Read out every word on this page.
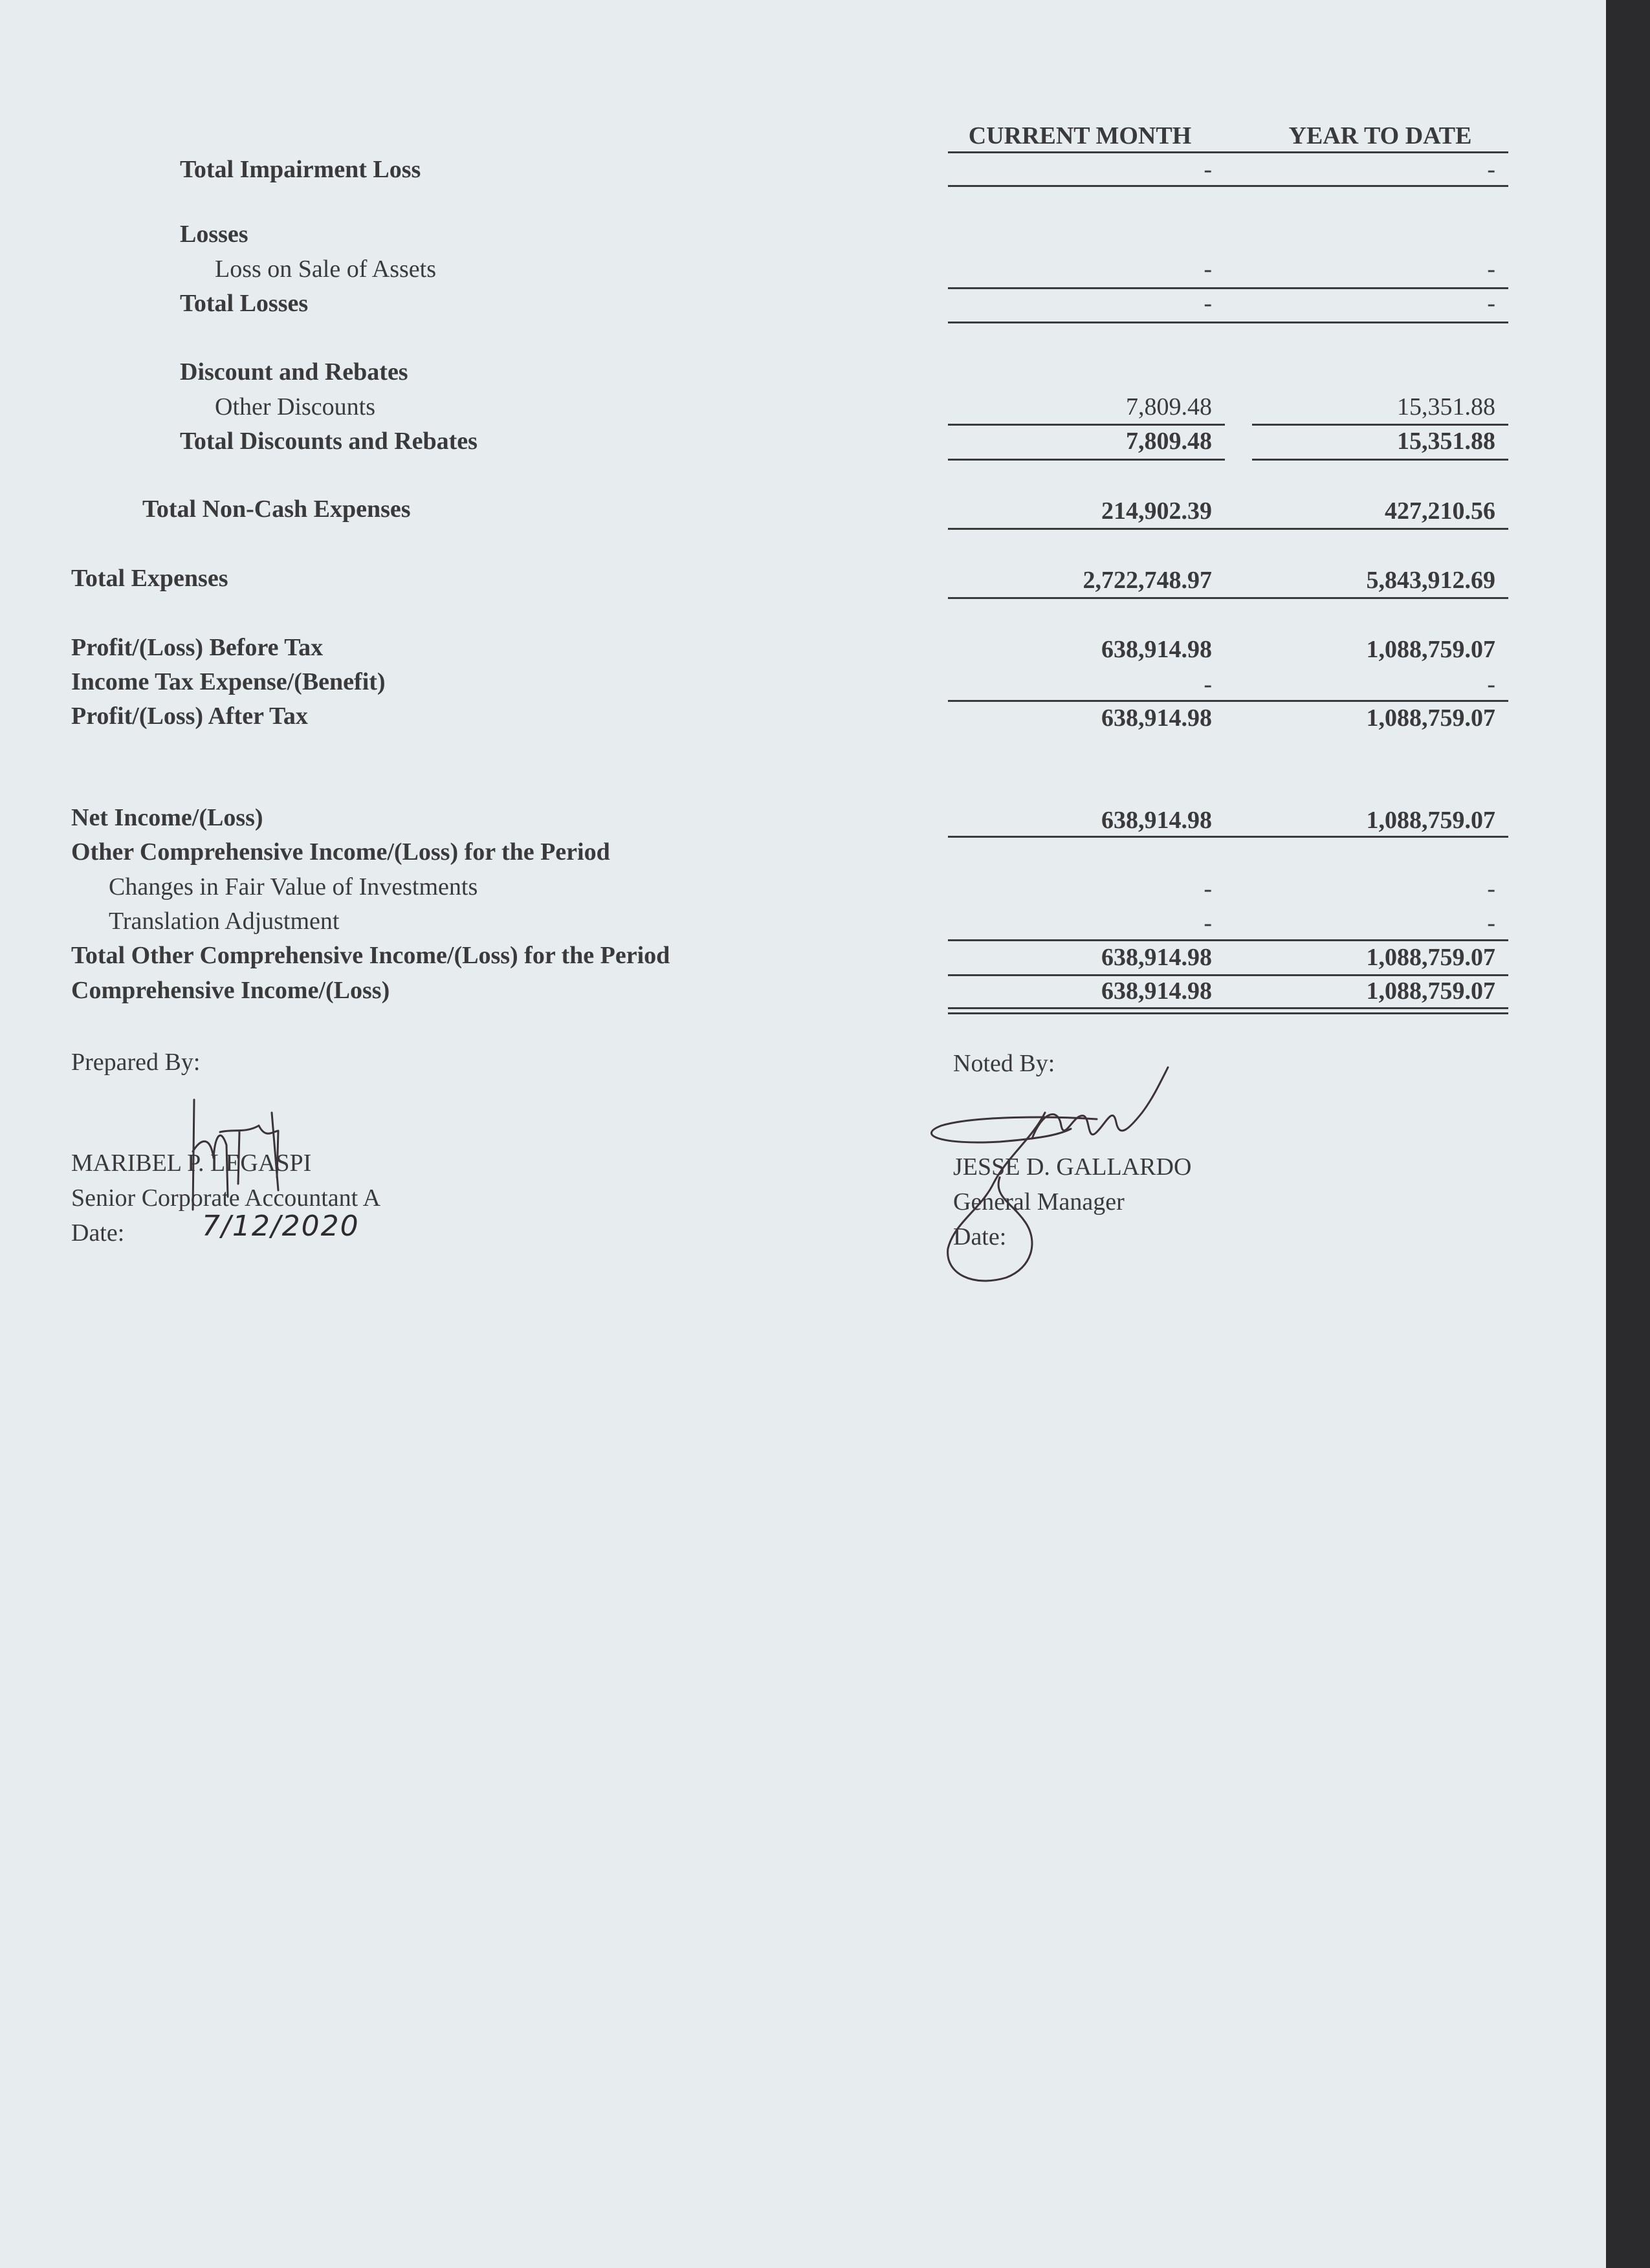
CURRENT MONTH	YEAR TO DATE
Total Impairment Loss	-	-
Losses
Loss on Sale of Assets	-	-
Total Losses	-	-
Discount and Rebates
Other Discounts	7,809.48	15,351.88
Total Discounts and Rebates	7,809.48	15,351.88
Total Non-Cash Expenses	214,902.39	427,210.56
Total Expenses	2,722,748.97	5,843,912.69
Profit/(Loss) Before Tax	638,914.98	1,088,759.07
Income Tax Expense/(Benefit)	-	-
Profit/(Loss) After Tax	638,914.98	1,088,759.07
Net Income/(Loss)	638,914.98	1,088,759.07
Other Comprehensive Income/(Loss) for the Period
Changes in Fair Value of Investments	-	-
Translation Adjustment	-	-
Total Other Comprehensive Income/(Loss) for the Period	638,914.98	1,088,759.07
Comprehensive Income/(Loss)	638,914.98	1,088,759.07
Prepared By:
MARIBEL P. LEGASPI
Senior Corporate Accountant A
Date:	7/12/2020
Noted By:
JESSE D. GALLARDO
General Manager
Date:
